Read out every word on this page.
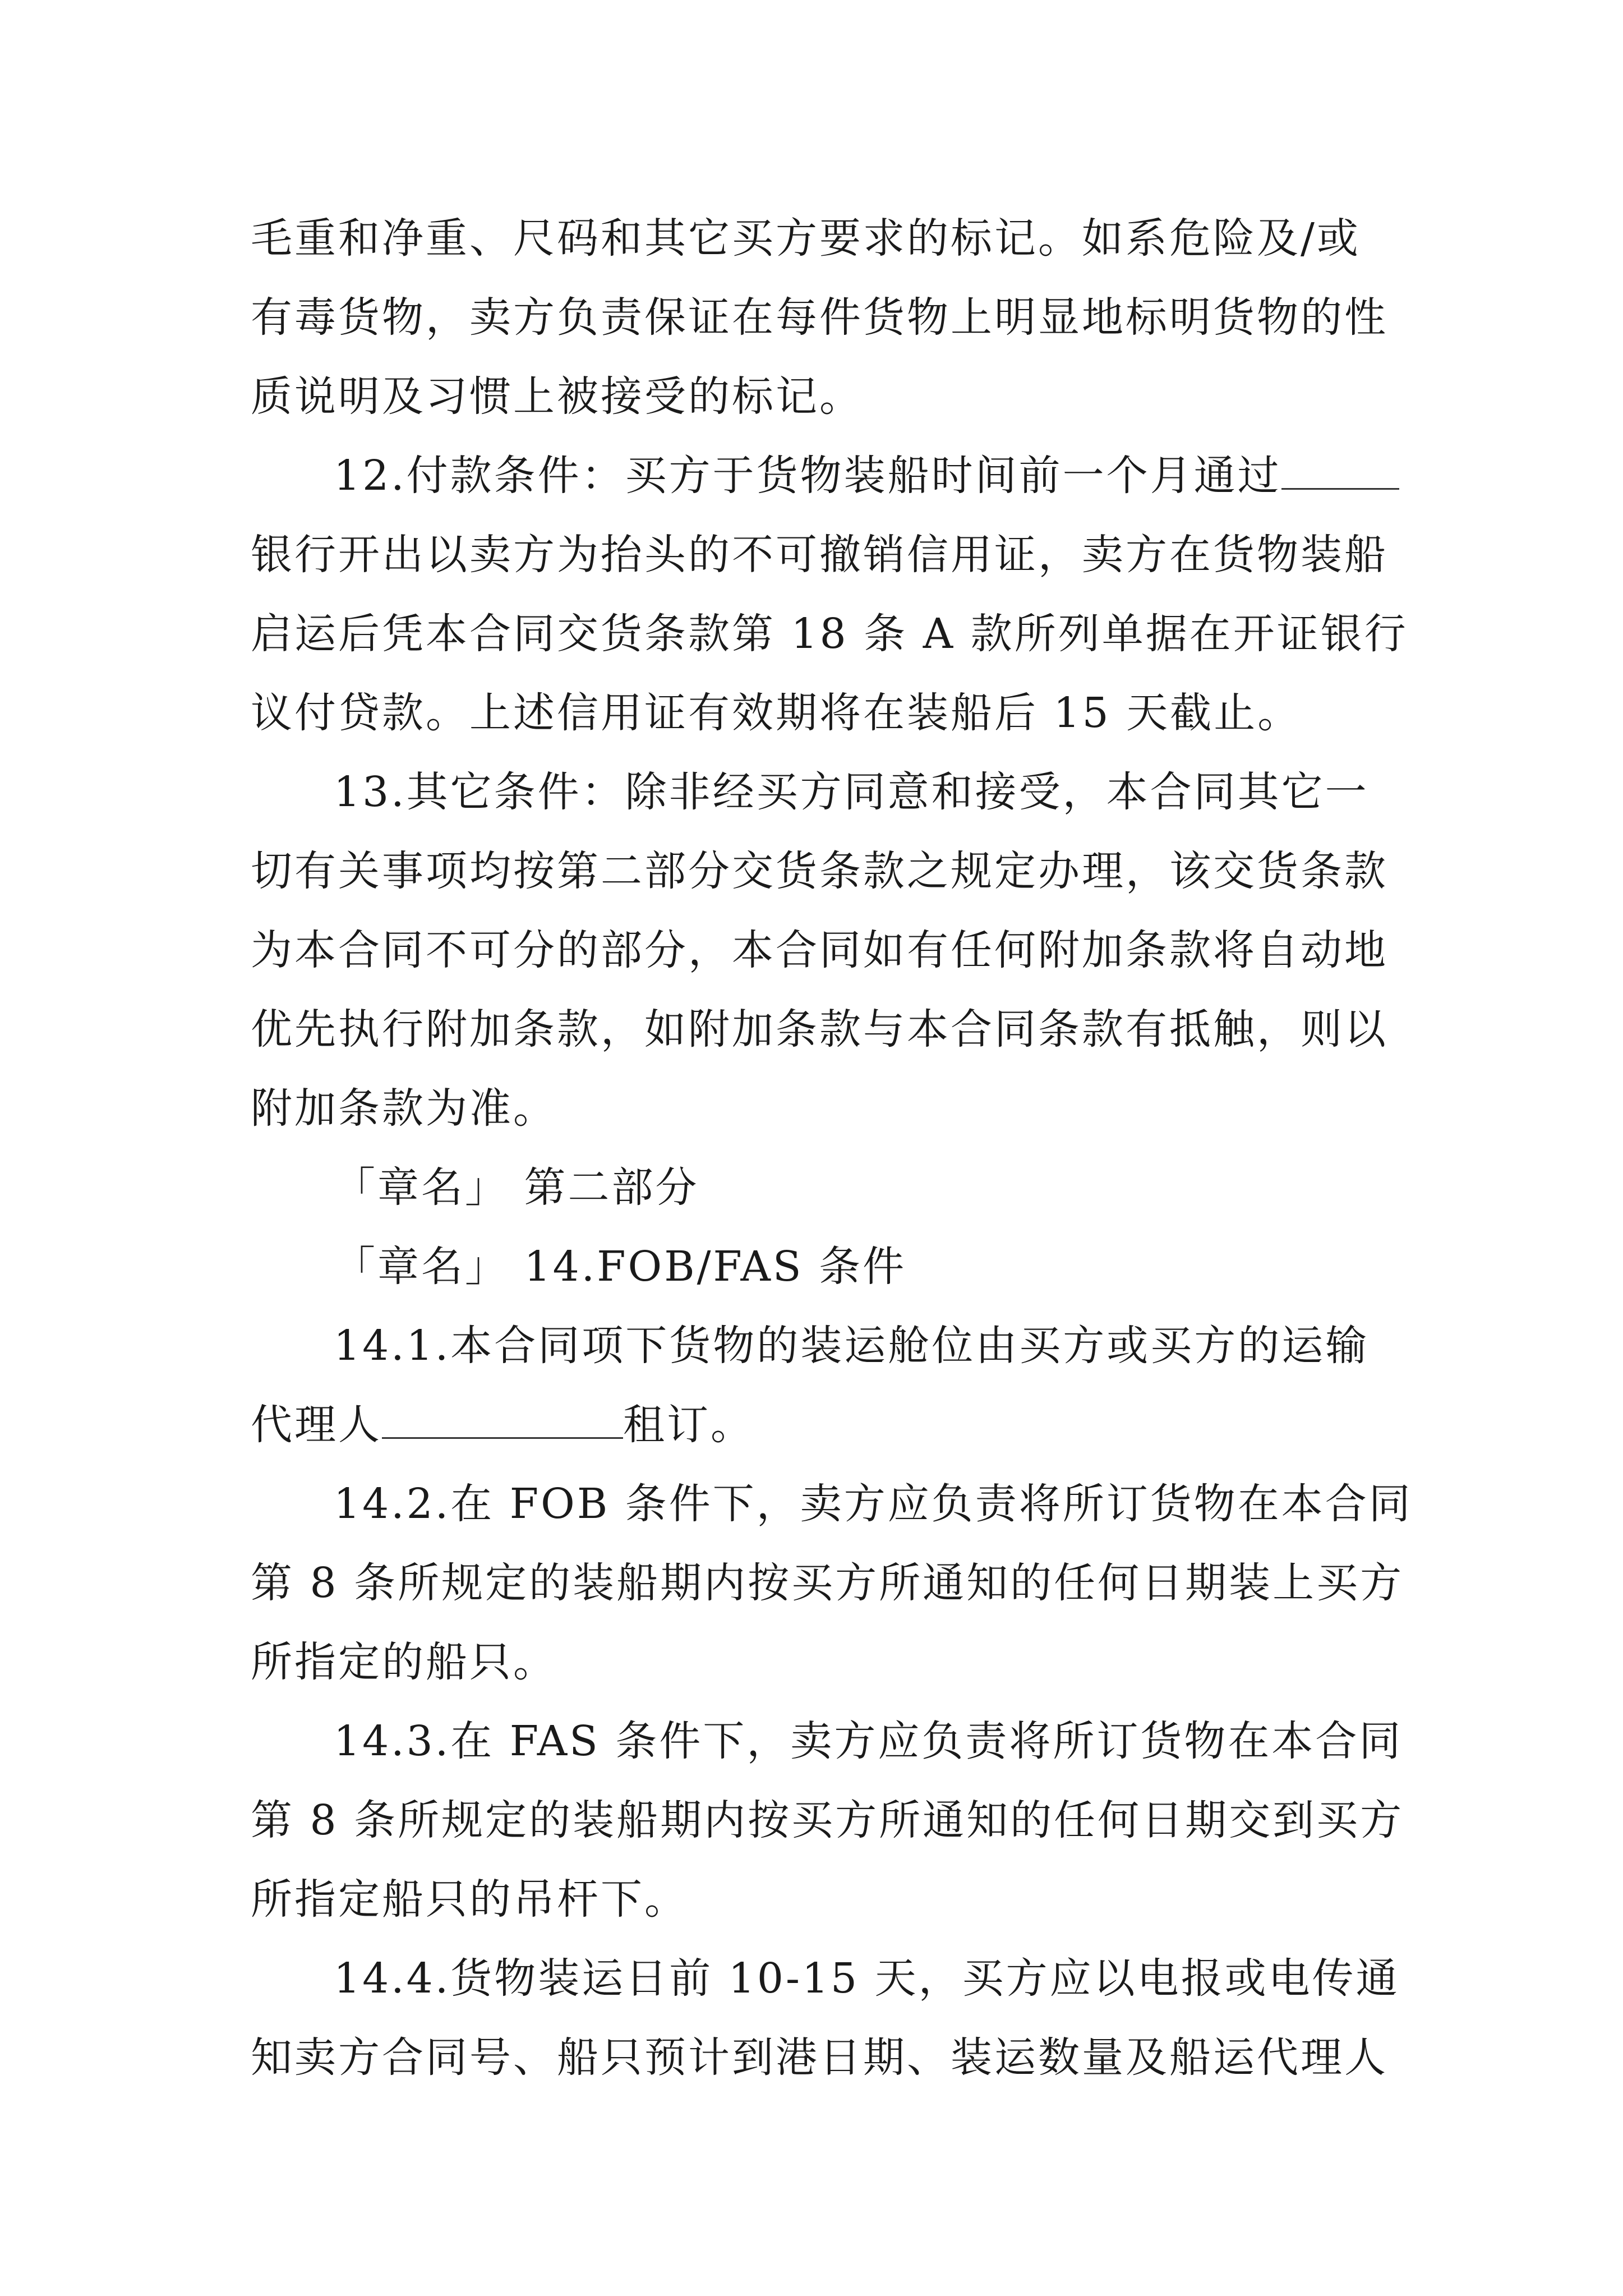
毛重和净重、尺码和其它买方要求的标记。如系危险及/或
有毒货物，卖方负责保证在每件货物上明显地标明货物的性
质说明及习惯上被接受的标记。
12.付款条件：买方于货物装船时间前一个月通过
银行开出以卖方为抬头的不可撤销信用证，卖方在货物装船
启运后凭本合同交货条款第 18 条 A 款所列单据在开证银行
议付贷款。上述信用证有效期将在装船后 15 天截止。
13.其它条件：除非经买方同意和接受，本合同其它一
切有关事项均按第二部分交货条款之规定办理，该交货条款
为本合同不可分的部分，本合同如有任何附加条款将自动地
优先执行附加条款，如附加条款与本合同条款有抵触，则以
附加条款为准。
「章名」 第二部分
「章名」 14.FOB/FAS 条件
14.1.本合同项下货物的装运舱位由买方或买方的运输
代理人	租订。
14.2.在 FOB 条件下，卖方应负责将所订货物在本合同
第 8 条所规定的装船期内按买方所通知的任何日期装上买方
所指定的船只。
14.3.在 FAS 条件下，卖方应负责将所订货物在本合同
第 8 条所规定的装船期内按买方所通知的任何日期交到买方
所指定船只的吊杆下。
14.4.货物装运日前 10-15 天，买方应以电报或电传通
知卖方合同号、船只预计到港日期、装运数量及船运代理人
